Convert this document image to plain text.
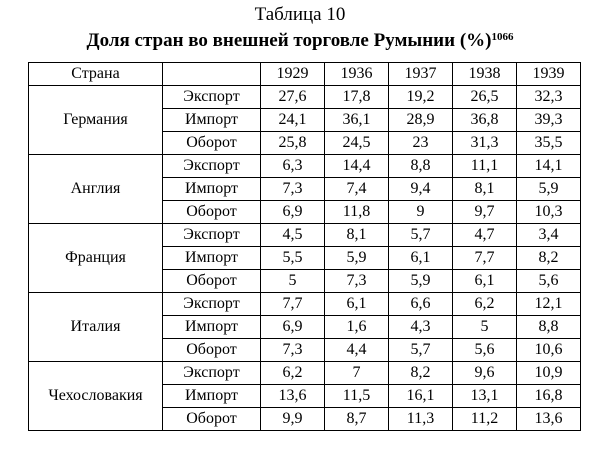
Таблица 10
Доля стран во внешней торговле Румынии (%)$^{1066}$
Страна		1929	1936	1937	1938	1939
Германия	Экспорт	27,6	17,8	19,2	26,5	32,3
	Импорт	24,1	36,1	28,9	36,8	39,3
	Оборот	25,8	24,5	23	31,3	35,5
Англия	Экспорт	6,3	14,4	8,8	11,1	14,1
	Импорт	7,3	7,4	9,4	8,1	5,9
	Оборот	6,9	11,8	9	9,7	10,3
Франция	Экспорт	4,5	8,1	5,7	4,7	3,4
	Импорт	5,5	5,9	6,1	7,7	8,2
	Оборот	5	7,3	5,9	6,1	5,6
Италия	Экспорт	7,7	6,1	6,6	6,2	12,1
	Импорт	6,9	1,6	4,3	5	8,8
	Оборот	7,3	4,4	5,7	5,6	10,6
Чехословакия	Экспорт	6,2	7	8,2	9,6	10,9
	Импорт	13,6	11,5	16,1	13,1	16,8
	Оборот	9,9	8,7	11,3	11,2	13,6
